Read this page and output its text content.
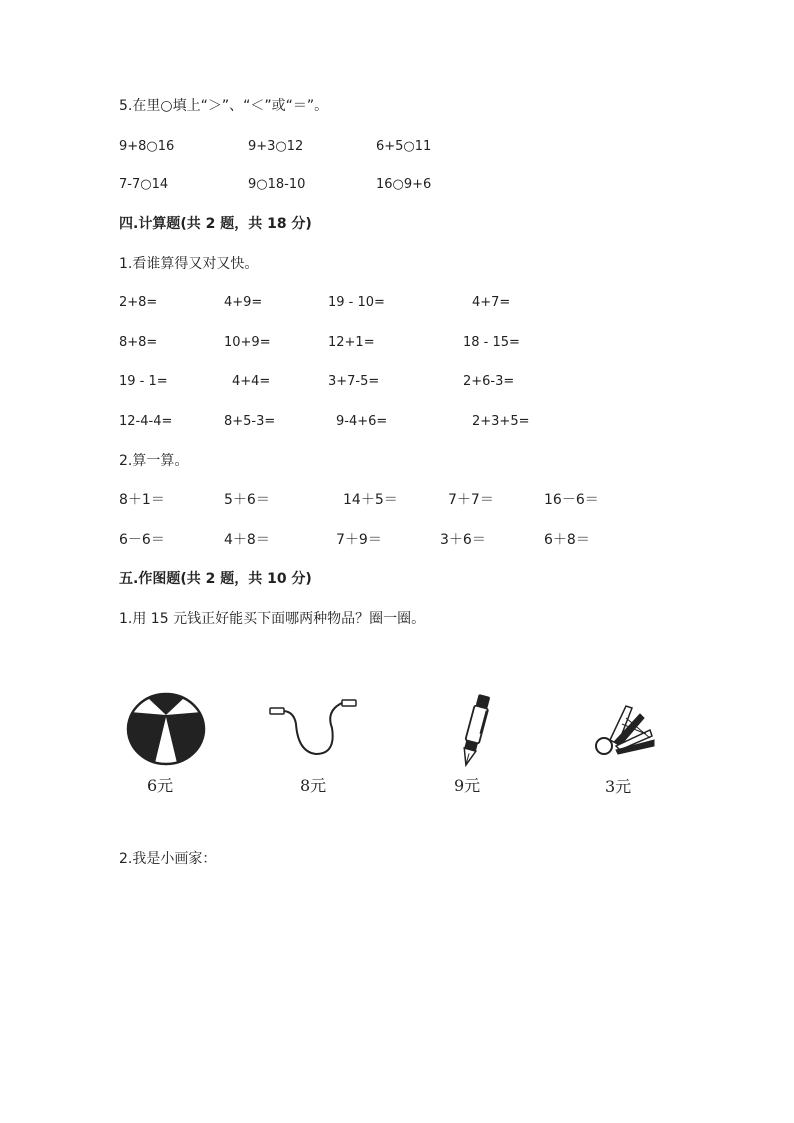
5.在里○填上“＞”、“＜”或“＝”。
9+8○16	9+3○12	6+5○11
7-7○14	9○18-10	16○9+6
四.计算题(共 2 题，共 18 分)
1.看谁算得又对又快。
2+8=	4+9=	19 - 10=	4+7=
8+8=	10+9=	12+1=	18 - 15=
19 - 1=	4+4=	3+7-5=	2+6-3=
12-4-4=	8+5-3=	9-4+6=	2+3+5=
2.算一算。
8＋1＝	5＋6＝	14＋5＝	7＋7＝	16－6＝
6－6＝	4＋8＝	7＋9＝	3＋6＝	6＋8＝
五.作图题(共 2 题，共 10 分)
1.用 15 元钱正好能买下面哪两种物品？圈一圈。
6元	8元	9元	3元
2.我是小画家：
